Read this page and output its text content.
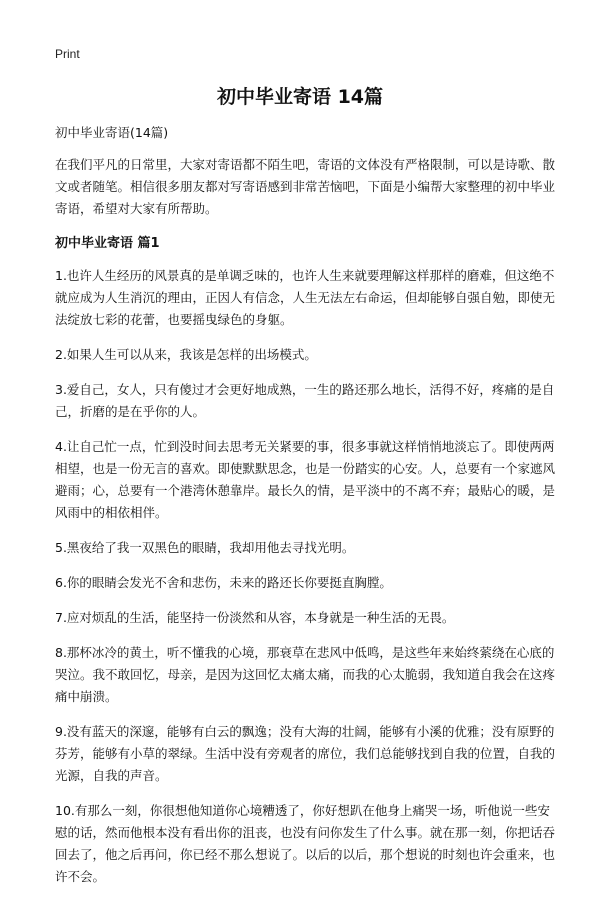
Print
初中毕业寄语 14篇

初中毕业寄语(14篇)

在我们平凡的日常里，大家对寄语都不陌生吧，寄语的文体没有严格限制，可以是诗歌、散文或者随笔。相信很多朋友都对写寄语感到非常苦恼吧，下面是小编帮大家整理的初中毕业寄语，希望对大家有所帮助。

初中毕业寄语 篇1

1.也许人生经历的风景真的是单调乏味的，也许人生来就要理解这样那样的磨难，但这绝不就应成为人生消沉的理由，正因人有信念，人生无法左右命运，但却能够自强自勉，即使无法绽放七彩的花蕾，也要摇曳绿色的身躯。

2.如果人生可以从来，我该是怎样的出场模式。

3.爱自己，女人，只有傻过才会更好地成熟，一生的路还那么地长，活得不好，疼痛的是自己，折磨的是在乎你的人。

4.让自己忙一点，忙到没时间去思考无关紧要的事，很多事就这样悄悄地淡忘了。即使两两相望，也是一份无言的喜欢。即使默默思念，也是一份踏实的心安。人，总要有一个家遮风避雨；心，总要有一个港湾休憩靠岸。最长久的情，是平淡中的不离不弃；最贴心的暖，是风雨中的相依相伴。

5.黑夜给了我一双黑色的眼睛，我却用他去寻找光明。

6.你的眼睛会发光不舍和悲伤，未来的路还长你要挺直胸膛。

7.应对烦乱的生活，能坚持一份淡然和从容，本身就是一种生活的无畏。

8.那杯冰冷的黄土，听不懂我的心境，那衰草在悲风中低鸣，是这些年来始终萦绕在心底的哭泣。我不敢回忆，母亲，是因为这回忆太痛太痛，而我的心太脆弱，我知道自我会在这疼痛中崩溃。

9.没有蓝天的深邃，能够有白云的飘逸；没有大海的壮阔，能够有小溪的优雅；没有原野的芬芳，能够有小草的翠绿。生活中没有旁观者的席位，我们总能够找到自我的位置，自我的光源，自我的声音。

10.有那么一刻，你很想他知道你心境糟透了，你好想趴在他身上痛哭一场，听他说一些安慰的话，然而他根本没有看出你的沮丧，也没有问你发生了什么事。就在那一刻，你把话吞回去了，他之后再问，你已经不那么想说了。以后的以后，那个想说的时刻也许会重来，也许不会。
